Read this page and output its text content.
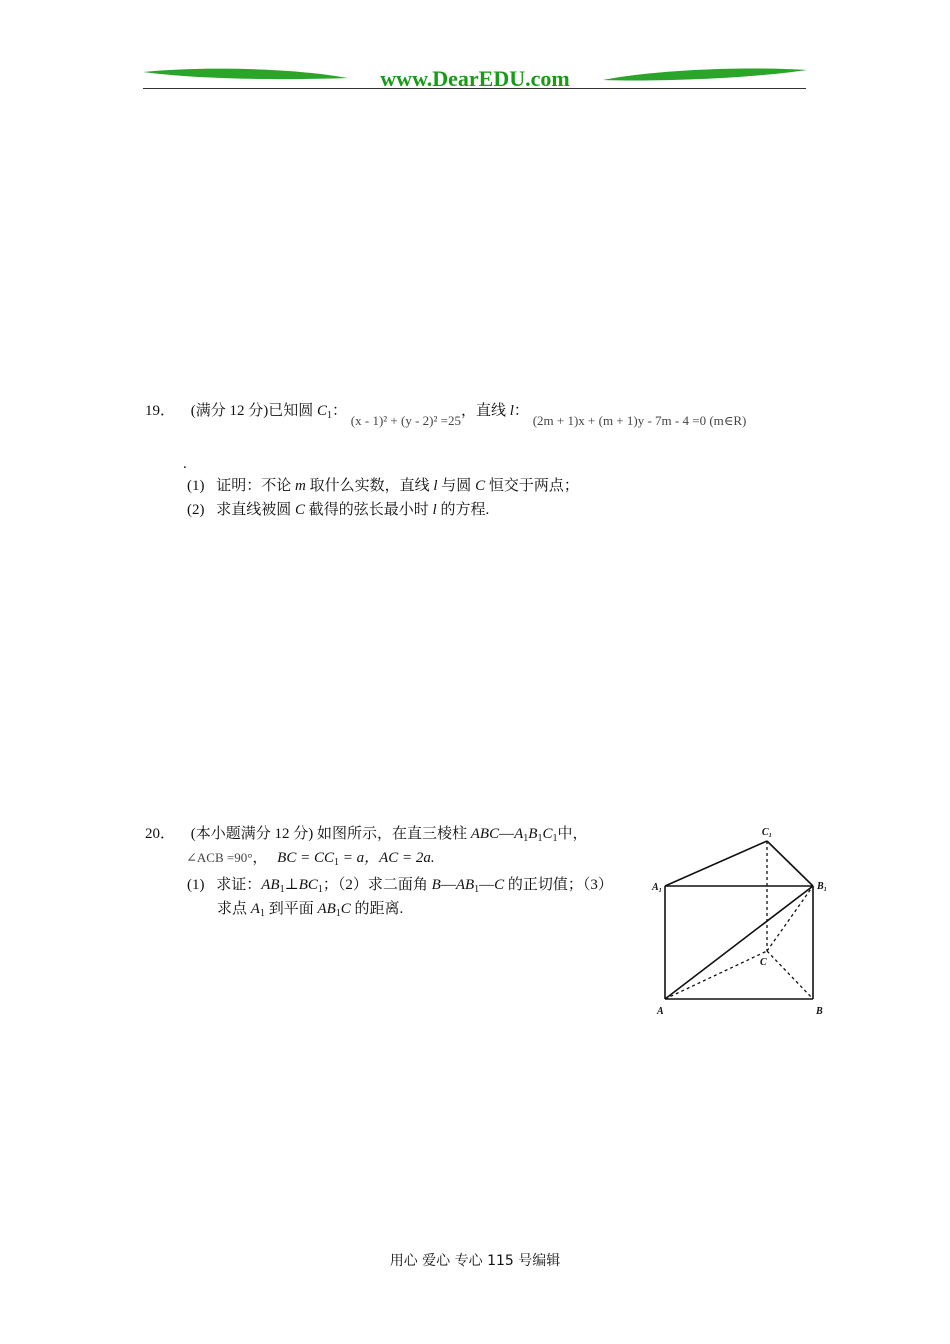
www.DearEDU.com
19． (满分 12 分)已知圆 $C_1$： (x - 1)² + (y - 2)² =25，直线 l： (2m + 1)x + (m + 1)y - 7m - 4 =0 (m∈R)
.
(1) 证明：不论 m 取什么实数，直线 l 与圆 C 恒交于两点；
(2) 求直线被圆 C 截得的弦长最小时 l 的方程.
20． (本小题满分 12 分) 如图所示，在直三棱柱 $ABC—A_1B_1C_1$中，
∠ACB =90°， BC = $CC_1 = a$，AC = 2a.
(1) 求证：$AB_1\perp BC_1$；（2）求二面角 $B—AB_1—C$ 的正切值；（3）
求点 $A_1$ 到平面 $AB_1C$ 的距离.
C₁
A₁	B₁
C
A	B
用心 爱心 专心 115 号编辑
